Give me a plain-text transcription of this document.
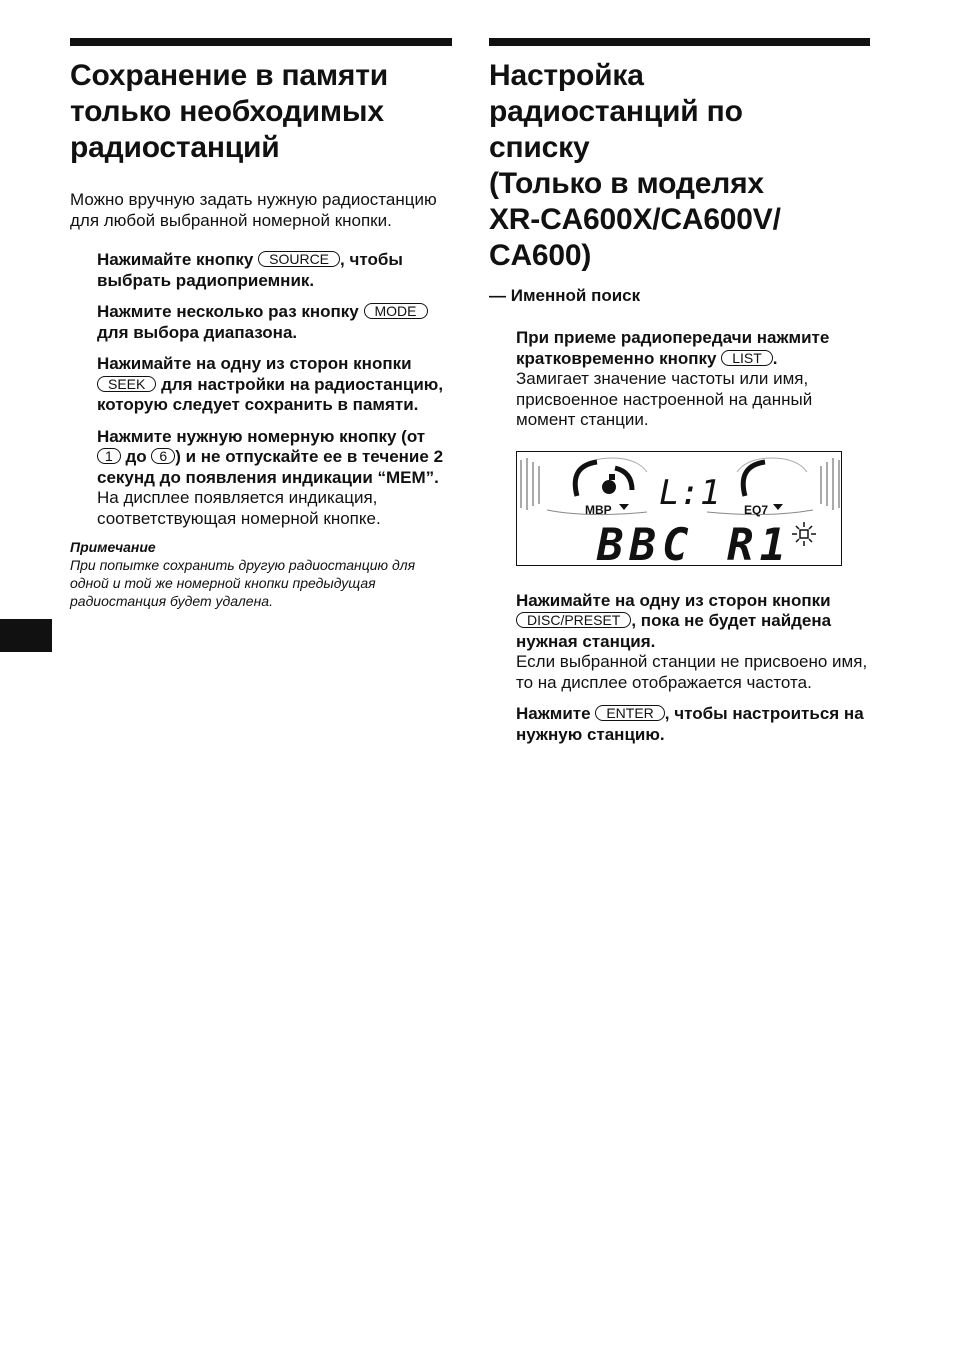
Сохранение в памяти только необходимых радиостанций

Можно вручную задать нужную радиостанцию для любой выбранной номерной кнопки.

Нажимайте кнопку SOURCE , чтобы выбрать радиоприемник.

Нажмите несколько раз кнопку MODE для выбора диапазона.

Нажимайте на одну из сторон кнопки SEEK для настройки на радиостанцию, которую следует сохранить в памяти.

Нажмите нужную номерную кнопку (от 1 до 6 ) и не отпускайте ее в течение 2 секунд до появления индикации “MEM”.

На дисплее появляется индикация, соответствующая номерной кнопке.

Примечание

При попытке сохранить другую радиостанцию для одной и той же номерной кнопки предыдущая радиостанция будет удалена.

Настройка
радиостанций по
списку
(Только в моделях
XR-CA600X/CA600V/
CA600)

— Именной поиск

При приеме радиопередачи нажмите кратковременно кнопку LIST .

Замигает значение частоты или имя, присвоенное настроенной на данный момент станции.

MBP	EQ7
L:1
BBC R1

Нажимайте на одну из сторон кнопки DISC/PRESET , пока не будет найдена нужная станция.

Если выбранной станции не присвоено имя, то на дисплее отображается частота.

Нажмите ENTER , чтобы настроиться на нужную станцию.
